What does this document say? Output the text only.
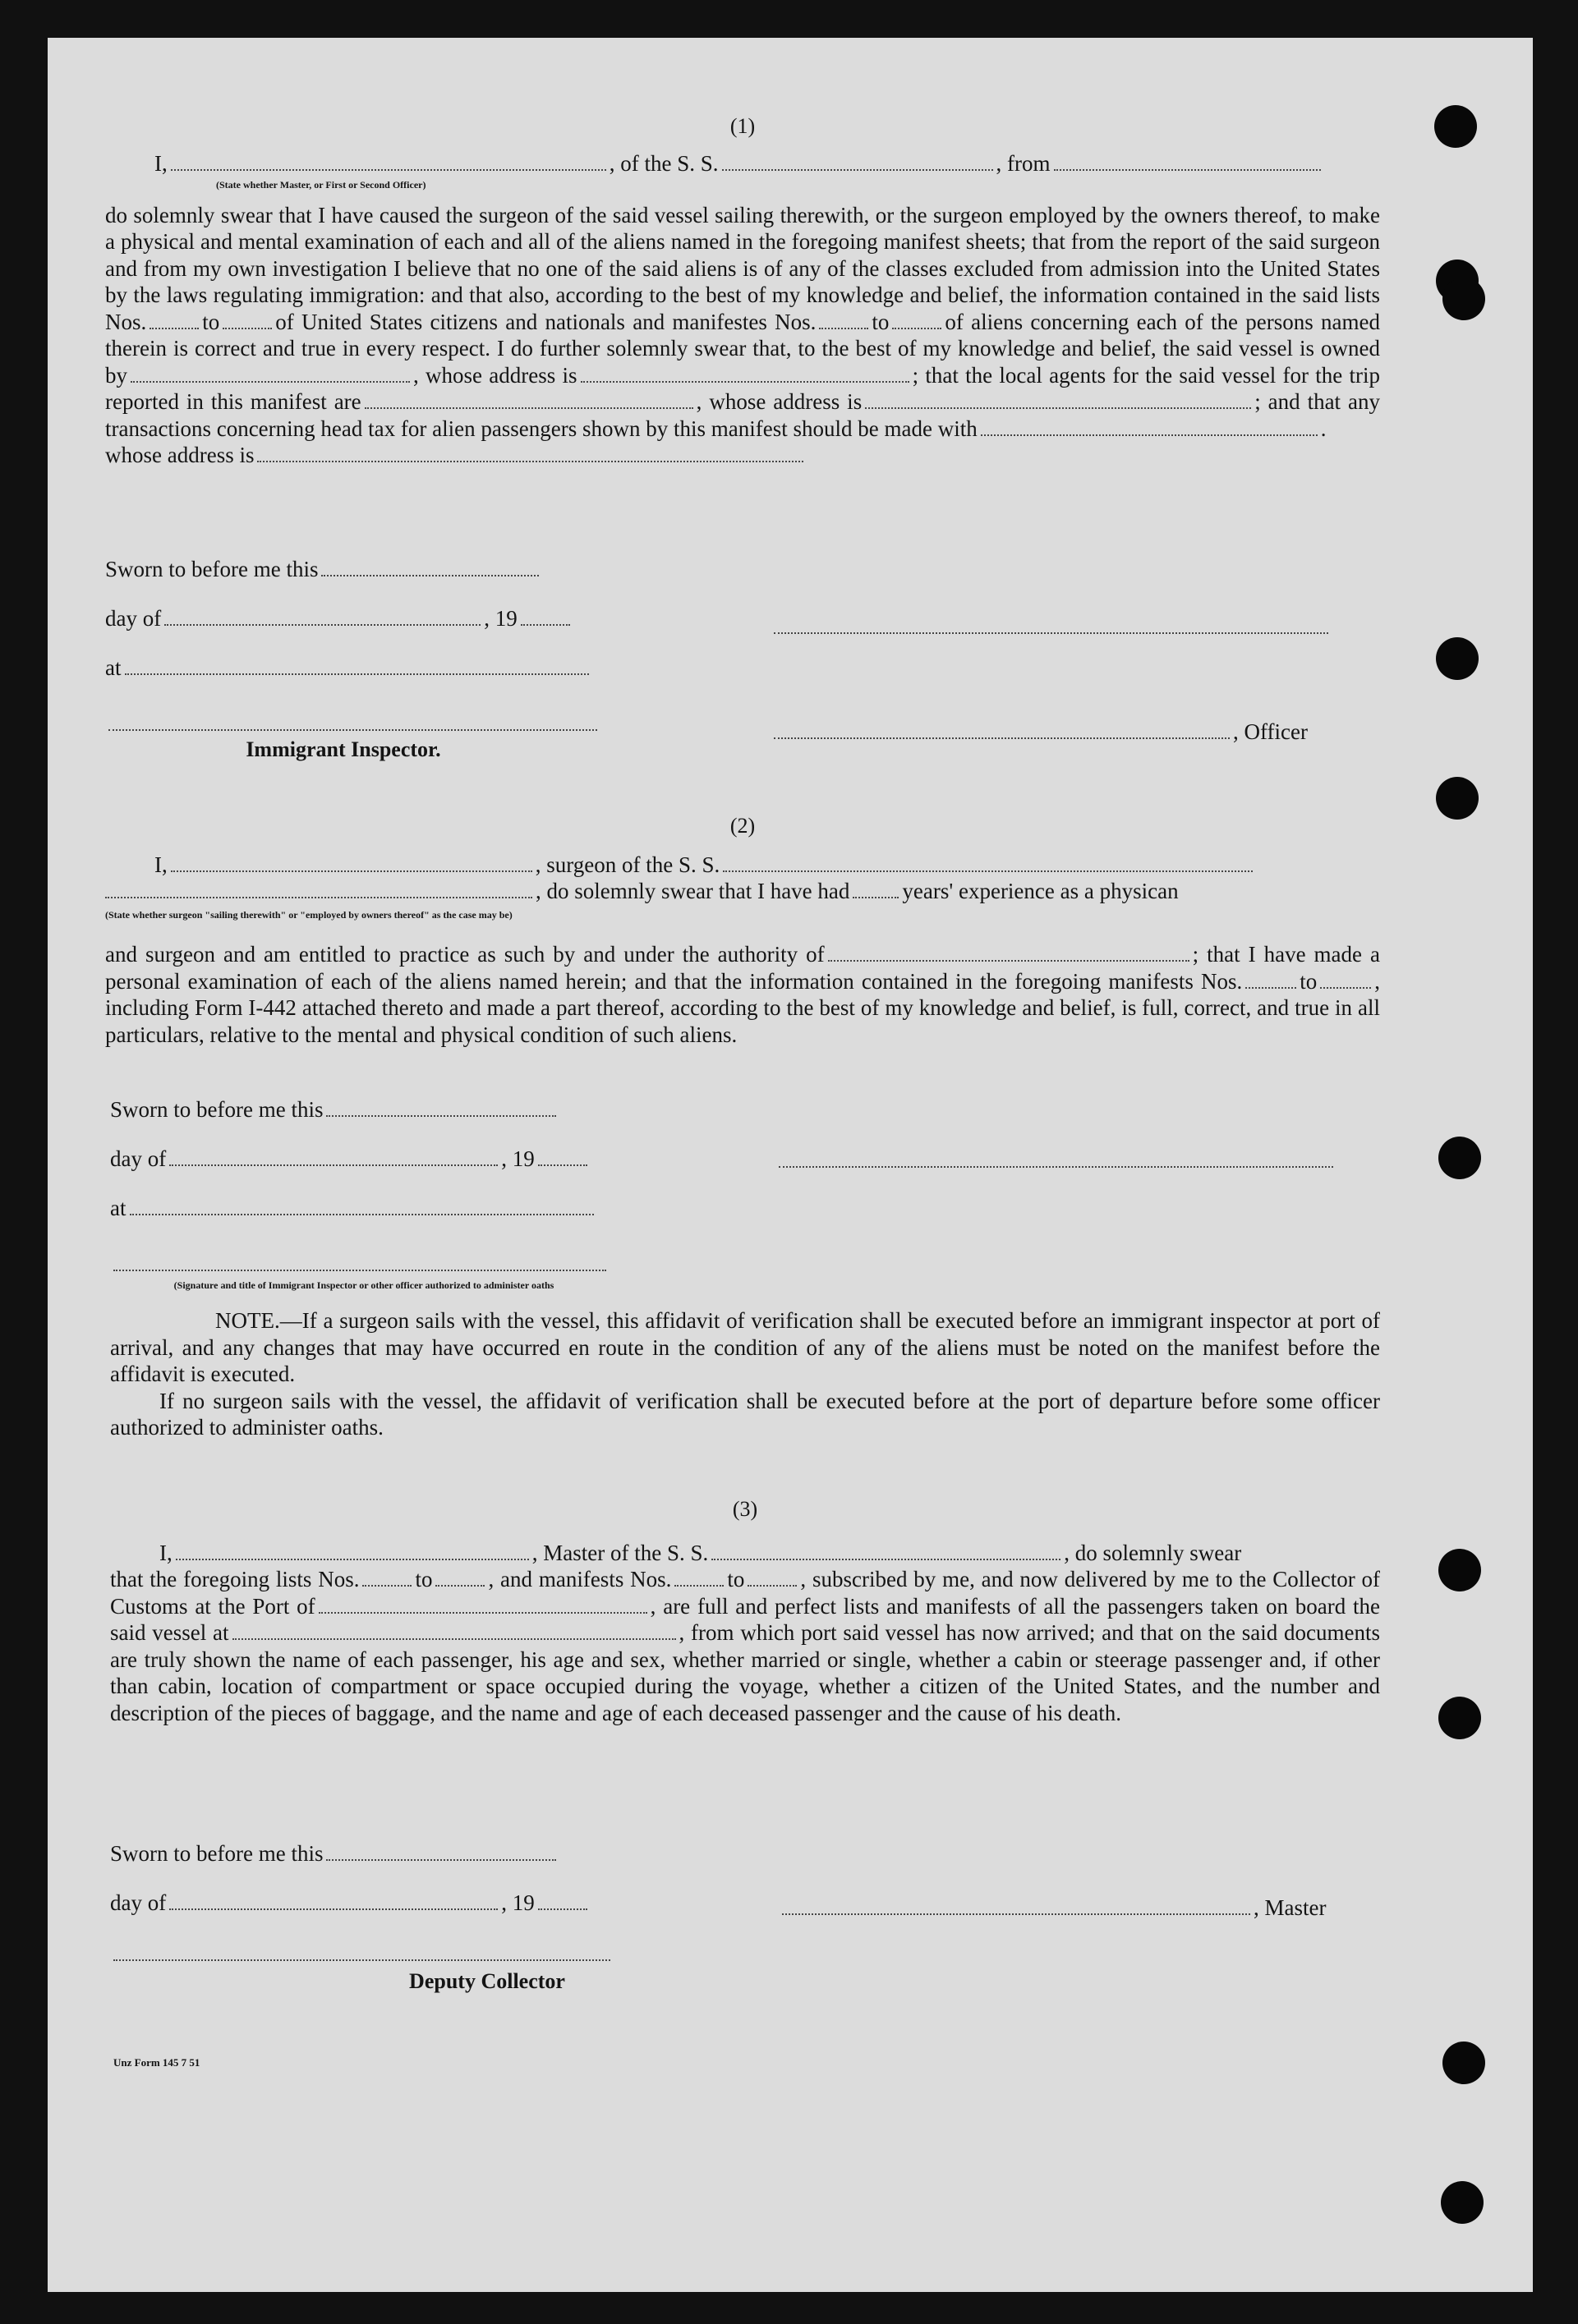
(1)
I,	, of the S. S.	, from
(State whether Master, or First or Second Officer)

do solemnly swear that I have caused the surgeon of the said vessel sailing therewith, or the surgeon employed by the owners thereof, to make a physical and mental examination of each and all of the aliens named in the foregoing manifest sheets; that from the report of the said surgeon and from my own investigation I believe that no one of the said aliens is of any of the classes excluded from admission into the United States by the laws regulating immigration: and that also, according to the best of my knowledge and belief, the information contained in the said lists Nos.	to	of United States citizens and nationals and manifestes Nos.	to	of aliens concerning each of the persons named therein is correct and true in every respect. I do further solemnly swear that, to the best of my knowledge and belief, the said vessel is owned by	, whose address is	; that the local agents for the said vessel for the trip reported in this manifest are	, whose address is	; and that any transactions concerning head tax for alien passengers shown by this manifest should be made with	.

whose address is
Sworn to before me this
day of	, 19
at
, Officer
Immigrant Inspector.
(2)
I,	, surgeon of the S. S.
, do solemnly swear that I have had years' experience as a physican
(State whether surgeon "sailing therewith" or "employed by owners thereof" as the case may be)

and surgeon and am entitled to practice as such by and under the authority of	; that I have made a personal examination of each of the aliens named herein; and that the information contained in the foregoing manifests Nos.	to	, including Form I-442 attached thereto and made a part thereof, according to the best of my knowledge and belief, is full, correct, and true in all particulars, relative to the mental and physical condition of such aliens.

Sworn to before me this
day of	, 19
at
(Signature and title of Immigrant Inspector or other officer authorized to administer oaths

NOTE.—If a surgeon sails with the vessel, this affidavit of verification shall be executed before an immigrant inspector at port of arrival, and any changes that may have occurred en route in the condition of any of the aliens must be noted on the manifest before the affidavit is executed.

If no surgeon sails with the vessel, the affidavit of verification shall be executed before at the port of departure before some officer authorized to administer oaths.

(3)
I,	, Master of the S. S.	, do solemnly swear

that the foregoing lists Nos.	to	, and manifests Nos.	to	, subscribed by me, and now delivered by me to the Collector of Customs at the Port of	, are full and perfect lists and manifests of all the passengers taken on board the said vessel at	, from which port said vessel has now arrived; and that on the said documents are truly shown the name of each passenger, his age and sex, whether married or single, whether a cabin or steerage passenger and, if other than cabin, location of compartment or space occupied during the voyage, whether a citizen of the United States, and the number and description of the pieces of baggage, and the name and age of each deceased passenger and the cause of his death.

Sworn to before me this
day of	, 19	, Master
Deputy Collector
Unz Form 145 7 51
